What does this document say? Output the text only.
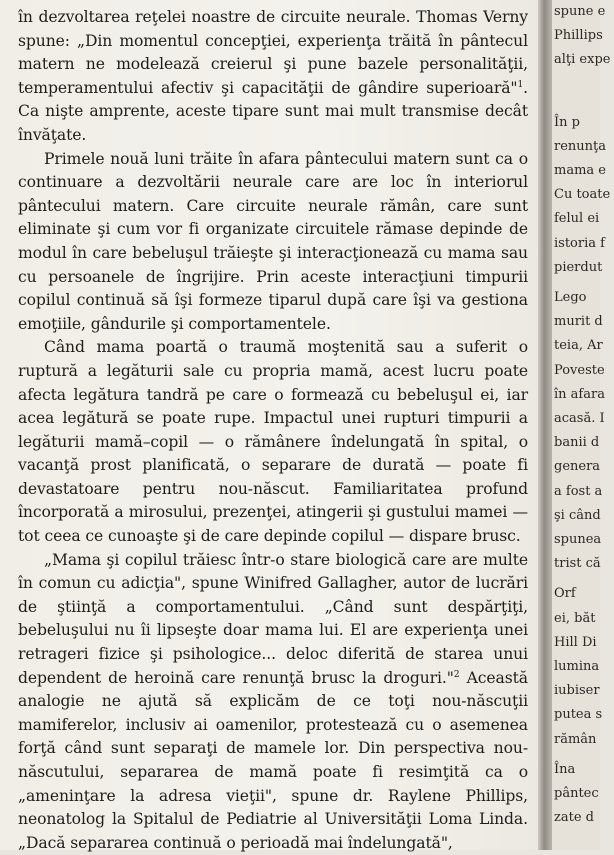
în dezvoltarea reţelei noastre de circuite neurale. Thomas Verny spune: „Din momentul concepţiei, experienţa trăită în pântecul matern ne modelează creierul şi pune bazele personalităţii, temperamentului afectiv şi capacităţii de gândire superioară"$^1$. Ca nişte amprente, aceste tipare sunt mai mult transmise decât învăţate.

Primele nouă luni trăite în afara pântecului matern sunt ca o continuare a dezvoltării neurale care are loc în interiorul pântecului matern. Care circuite neurale rămân, care sunt eliminate şi cum vor fi organizate circuitele rămase depinde de modul în care bebeluşul trăieşte şi interacţionează cu mama sau cu persoanele de îngrijire. Prin aceste interacţiuni timpurii copilul continuă să îşi formeze tiparul după care îşi va gestiona emoţiile, gândurile şi comportamentele.

Când mama poartă o traumă moştenită sau a suferit o ruptură a legăturii sale cu propria mamă, acest lucru poate afecta legătura tandră pe care o formează cu bebeluşul ei, iar acea legătură se poate rupe. Impactul unei rupturi timpurii a legăturii mamă–copil — o rămânere îndelungată în spital, o vacanţă prost planificată, o separare de durată — poate fi devastatoare pentru nou-născut. Familiaritatea profund încorporată a mirosului, prezenţei, atingerii şi gustului mamei — tot ceea ce cunoaşte şi de care depinde copilul — dispare brusc.

„Mama şi copilul trăiesc într-o stare biologică care are multe în comun cu adicţia", spune Winifred Gallagher, autor de lucrări de ştiinţă a comportamentului. „Când sunt despărţiţi, bebeluşului nu îi lipseşte doar mama lui. El are experienţa unei retrageri fizice şi psihologice... deloc diferită de starea unui dependent de heroină care renunţă brusc la droguri."$^2$ Această analogie ne ajută să explicăm de ce toţi nou-născuţii mamiferelor, inclusiv ai oamenilor, protestează cu o asemenea forţă când sunt separaţi de mamele lor. Din perspectiva nou-născutului, separarea de mamă poate fi resimţită ca o „ameninţare la adresa vieţii", spune dr. Raylene Phillips, neonatolog la Spitalul de Pediatrie al Universităţii Loma Linda. „Dacă separarea continuă o perioadă mai îndelungată",

spune e
Phillips
alţi expe
În p
renunţa
mama e
Cu toate
felul ei
istoria f
pierdut
Lego
murit d
teia, Ar
Poveste
în afara
acasă. I
banii d
genera
a fost a
şi când
spunea
trist că
Orf
ei, băt
Hill Di
lumina
iubiser
putea s
rămân
Îna
pântec
zate d
